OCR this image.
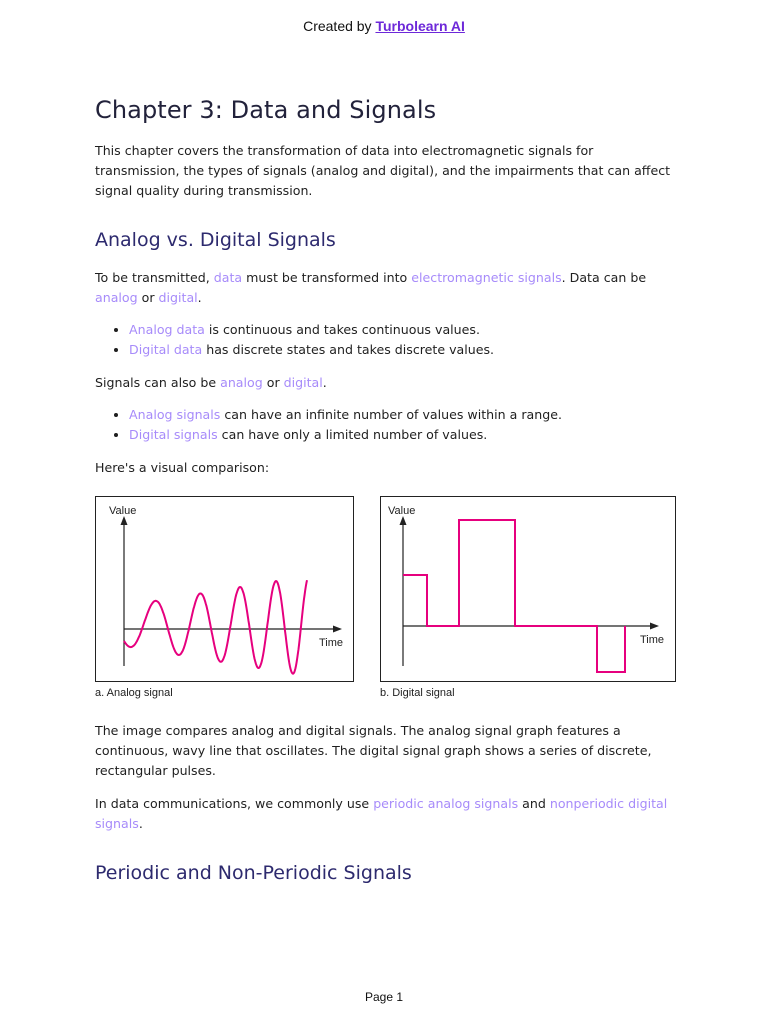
Created by Turbolearn AI
Chapter 3: Data and Signals

This chapter covers the transformation of data into electromagnetic signals for transmission, the types of signals (analog and digital), and the impairments that can affect signal quality during transmission.

Analog vs. Digital Signals

To be transmitted, data must be transformed into electromagnetic signals. Data can be analog or digital.

• Analog data is continuous and takes continuous values.
• Digital data has discrete states and takes discrete values.

Signals can also be analog or digital.

• Analog signals can have an infinite number of values within a range.
• Digital signals can have only a limited number of values.

Here's a visual comparison:

Value
Time
a. Analog signal
Value
Time
b. Digital signal

The image compares analog and digital signals. The analog signal graph features a continuous, wavy line that oscillates. The digital signal graph shows a series of discrete, rectangular pulses.

In data communications, we commonly use periodic analog signals and nonperiodic digital signals.

Periodic and Non-Periodic Signals
Page 1
